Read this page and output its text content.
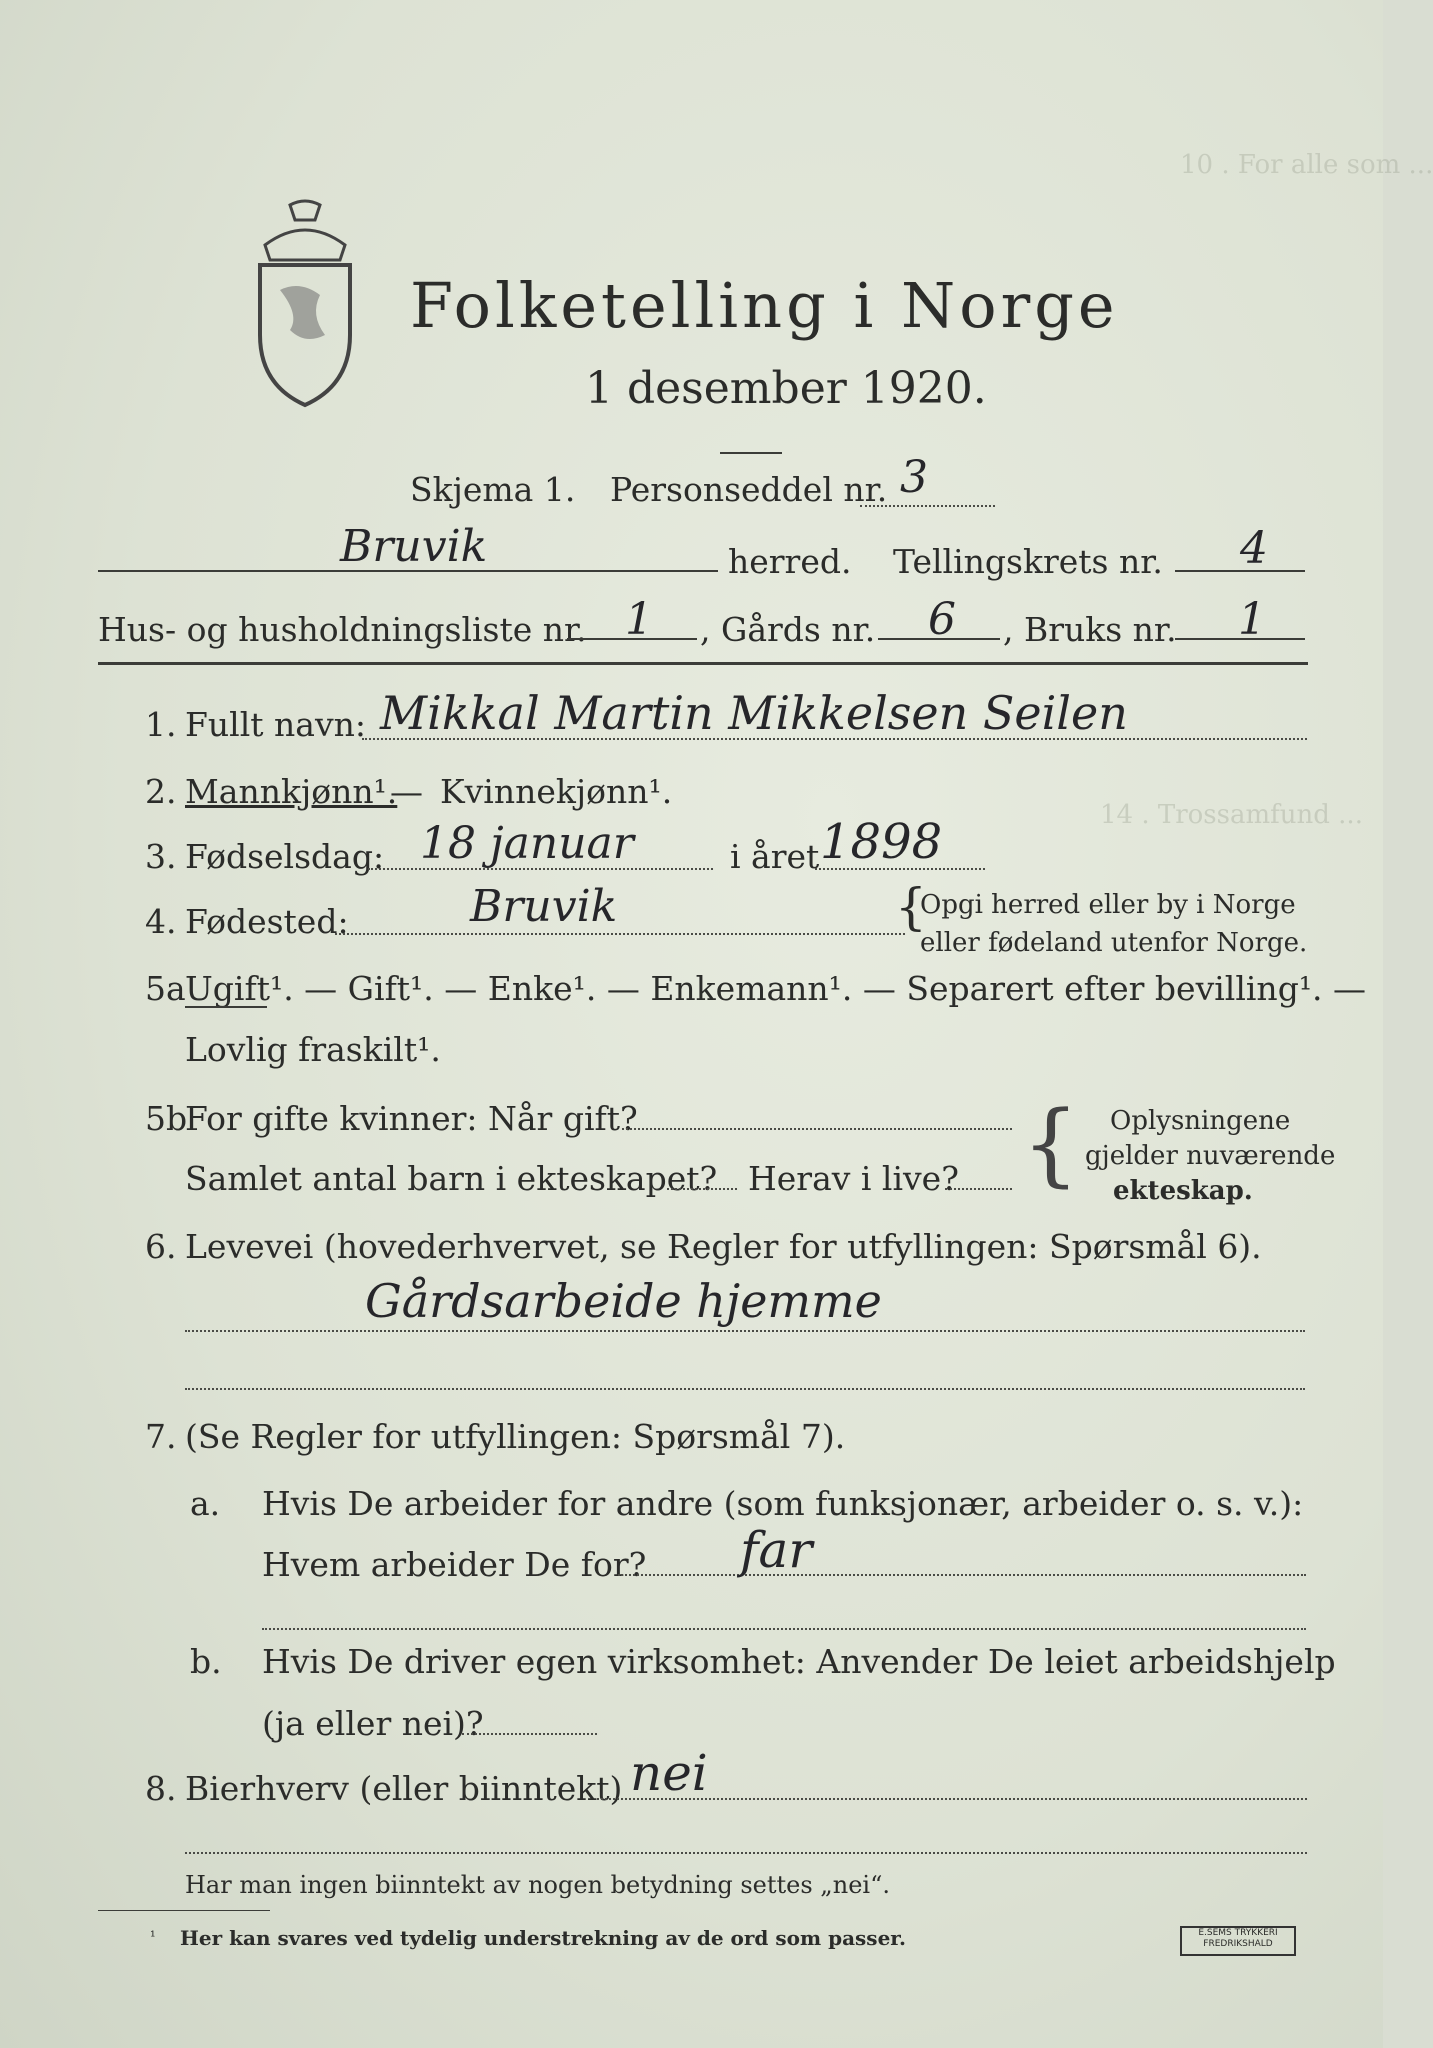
10 . For alle som ...
14 . Trossamfund ...
Folketelling i Norge
1 desember 1920.
Skjema 1. Personseddel nr. 3
Bruvik	herred. Tellingskrets nr. 4
Hus- og husholdningsliste nr. 1 , Gårds nr. 6 , Bruks nr. 1
1. Fullt navn: Mikkal Martin Mikkelsen Seilen
2. Mannkjønn¹.
— Kvinnekjønn¹.
3. Fødselsdag: 18 januar	i året 1898
4. Fødested:	Bruvik	{
Opgi herred eller by i Norge
eller fødeland utenfor Norge.
5a Ugift¹. — Gift¹. — Enke¹. — Enkemann¹. — Separert efter bevilling¹. —
Lovlig fraskilt¹.
5b
For gifte kvinner: Når gift?
Samlet antal barn i ekteskapet? Herav i live? { Oplysningene
gjelder nuværende
ekteskap.
6. Levevei (hovederhvervet, se Regler for utfyllingen: Spørsmål 6).
Gårdsarbeide hjemme
7. (Se Regler for utfyllingen: Spørsmål 7).
a. Hvis De arbeider for andre (som funksjonær, arbeider o. s. v.):
Hvem arbeider De for? far
b. Hvis De driver egen virksomhet: Anvender De leiet arbeidshjelp
(ja eller nei)?
8. Bierhverv (eller biinntekt) nei
Har man ingen biinntekt av nogen betydning settes „nei“.
¹ Her kan svares ved tydelig understrekning av de ord som passer.	E.SEMS TRYKKERI FREDRIKSHALD
